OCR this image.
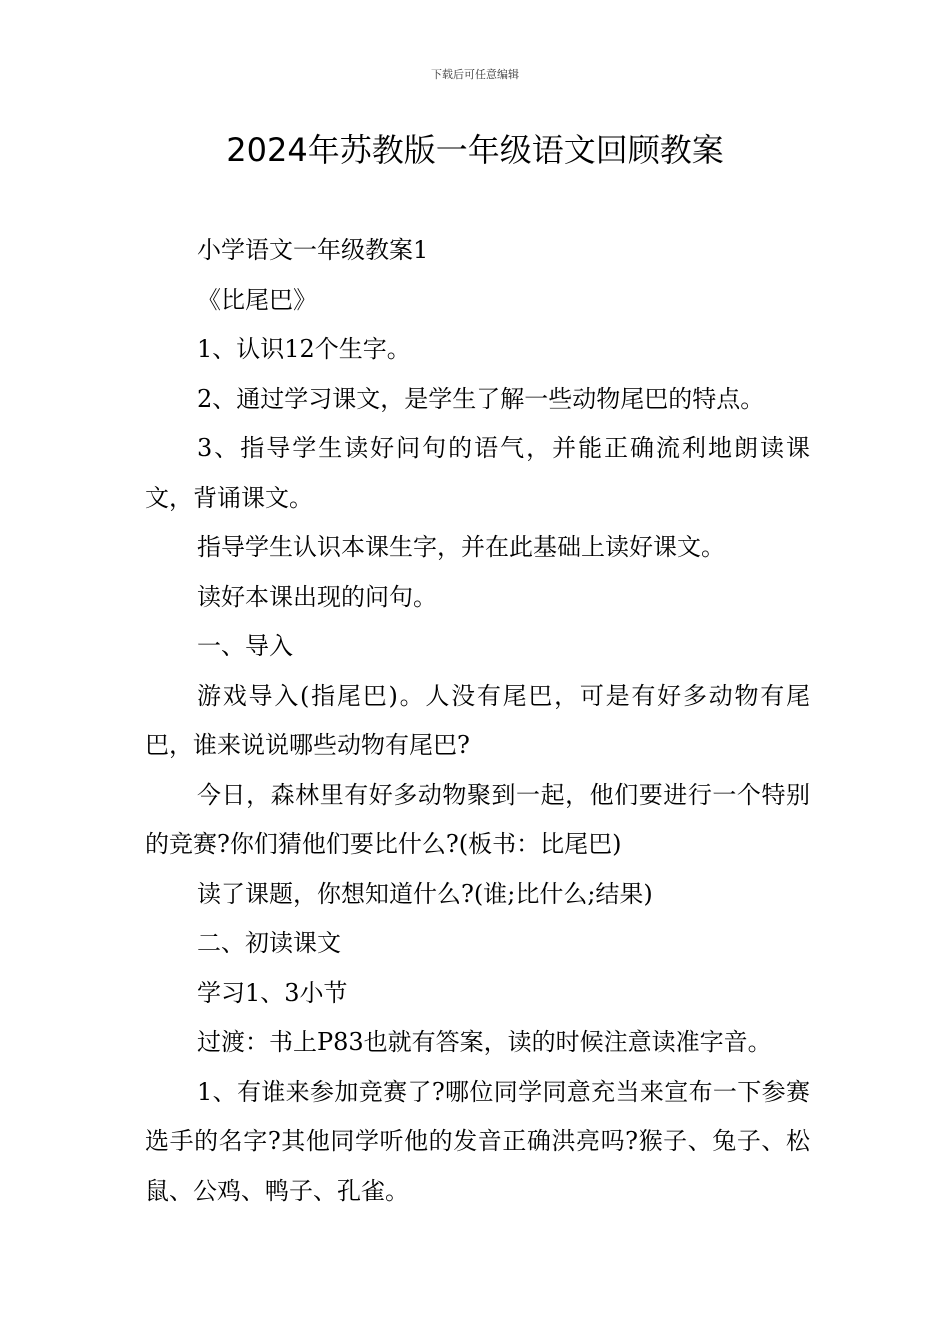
下载后可任意编辑
2024年苏教版一年级语文回顾教案

小学语文一年级教案1

《比尾巴》

1、认识12个生字。

2、通过学习课文，是学生了解一些动物尾巴的特点。

3、指导学生读好问句的语气，并能正确流利地朗读课文，背诵课文。

指导学生认识本课生字，并在此基础上读好课文。

读好本课出现的问句。

一、导入

游戏导入(指尾巴)。人没有尾巴，可是有好多动物有尾巴，谁来说说哪些动物有尾巴?

今日，森林里有好多动物聚到一起，他们要进行一个特别的竞赛?你们猜他们要比什么?(板书：比尾巴)

读了课题，你想知道什么?(谁;比什么;结果)

二、初读课文

学习1、3小节

过渡：书上P83也就有答案，读的时候注意读准字音。

1、有谁来参加竞赛了?哪位同学同意充当来宣布一下参赛选手的名字?其他同学听他的发音正确洪亮吗?猴子、兔子、松鼠、公鸡、鸭子、孔雀。
